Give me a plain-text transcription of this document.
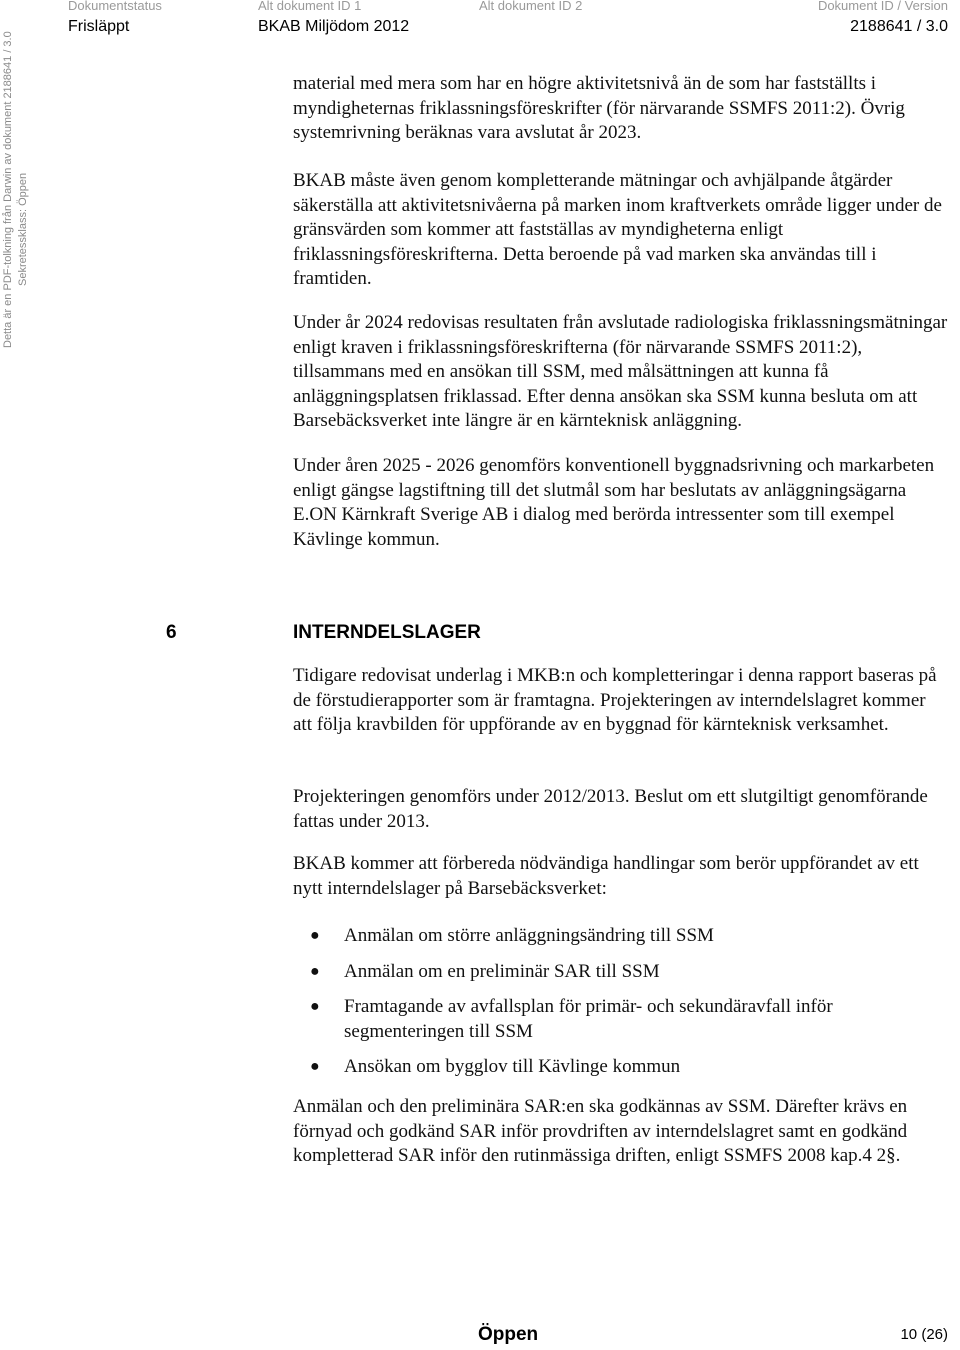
Dokumentstatus	Alt dokument ID 1	Alt dokument ID 2	Dokument ID / Version
Frisläppt	BKAB Miljödom 2012	2188641 / 3.0
Detta är en PDF-tolkning från Darwin av dokument 2188641 / 3.0 Sekretessklass: Öppen

material med mera som har en högre aktivitetsnivå än de som har fastställts i myndigheternas friklassningsföreskrifter (för närvarande SSMFS 2011:2). Övrig systemrivning beräknas vara avslutat år 2023.

BKAB måste även genom kompletterande mätningar och avhjälpande åtgärder säkerställa att aktivitetsnivåerna på marken inom kraftverkets område ligger under de gränsvärden som kommer att fastställas av myndigheterna enligt friklassningsföreskrifterna. Detta beroende på vad marken ska användas till i framtiden.

Under år 2024 redovisas resultaten från avslutade radiologiska friklassningsmätningar enligt kraven i friklassningsföreskrifterna (för närvarande SSMFS 2011:2), tillsammans med en ansökan till SSM, med målsättningen att kunna få anläggningsplatsen friklassad. Efter denna ansökan ska SSM kunna besluta om att Barsebäcksverket inte längre är en kärnteknisk anläggning.

Under åren 2025 - 2026 genomförs konventionell byggnadsrivning och markarbeten enligt gängse lagstiftning till det slutmål som har beslutats av anläggningsägarna E.ON Kärnkraft Sverige AB i dialog med berörda intressenter som till exempel Kävlinge kommun.

6	INTERNDELSLAGER

Tidigare redovisat underlag i MKB:n och kompletteringar i denna rapport baseras på de förstudierapporter som är framtagna. Projekteringen av interndelslagret kommer att följa kravbilden för uppförande av en byggnad för kärnteknisk verksamhet.

Projekteringen genomförs under 2012/2013. Beslut om ett slutgiltigt genomförande fattas under 2013.

BKAB kommer att förbereda nödvändiga handlingar som berör uppförandet av ett nytt interndelslager på Barsebäcksverket:

● Anmälan om större anläggningsändring till SSM
● Anmälan om en preliminär SAR till SSM
● Framtagande av avfallsplan för primär- och sekundäravfall inför segmenteringen till SSM
● Ansökan om bygglov till Kävlinge kommun

Anmälan och den preliminära SAR:en ska godkännas av SSM. Därefter krävs en förnyad och godkänd SAR inför provdriften av interndelslagret samt en godkänd kompletterad SAR inför den rutinmässiga driften, enligt SSMFS 2008 kap.4 2§.

Öppen	10 (26)
